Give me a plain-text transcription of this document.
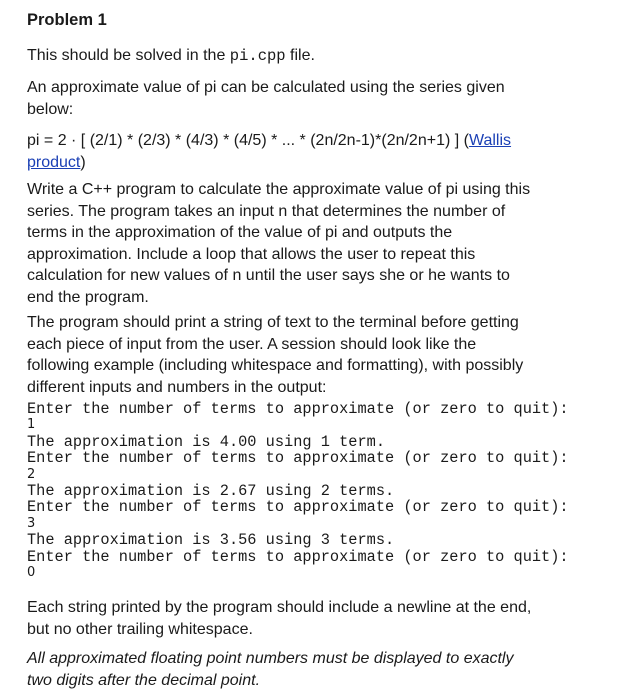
Problem 1
This should be solved in the pi.cpp file.
An approximate value of pi can be calculated using the series given
below:
pi = 2 · [ (2/1) * (2/3) * (4/3) * (4/5) * ... * (2n/2n-1)*(2n/2n+1) ] (Wallis
product)
Write a C++ program to calculate the approximate value of pi using this
series. The program takes an input n that determines the number of
terms in the approximation of the value of pi and outputs the
approximation. Include a loop that allows the user to repeat this
calculation for new values of n until the user says she or he wants to
end the program.
The program should print a string of text to the terminal before getting
each piece of input from the user. A session should look like the
following example (including whitespace and formatting), with possibly
different inputs and numbers in the output:
Enter the number of terms to approximate (or zero to quit):
1
The approximation is 4.00 using 1 term.
Enter the number of terms to approximate (or zero to quit):
2
The approximation is 2.67 using 2 terms.
Enter the number of terms to approximate (or zero to quit):
3
The approximation is 3.56 using 3 terms.
Enter the number of terms to approximate (or zero to quit):
0
Each string printed by the program should include a newline at the end,
but no other trailing whitespace.
All approximated floating point numbers must be displayed to exactly
two digits after the decimal point.
